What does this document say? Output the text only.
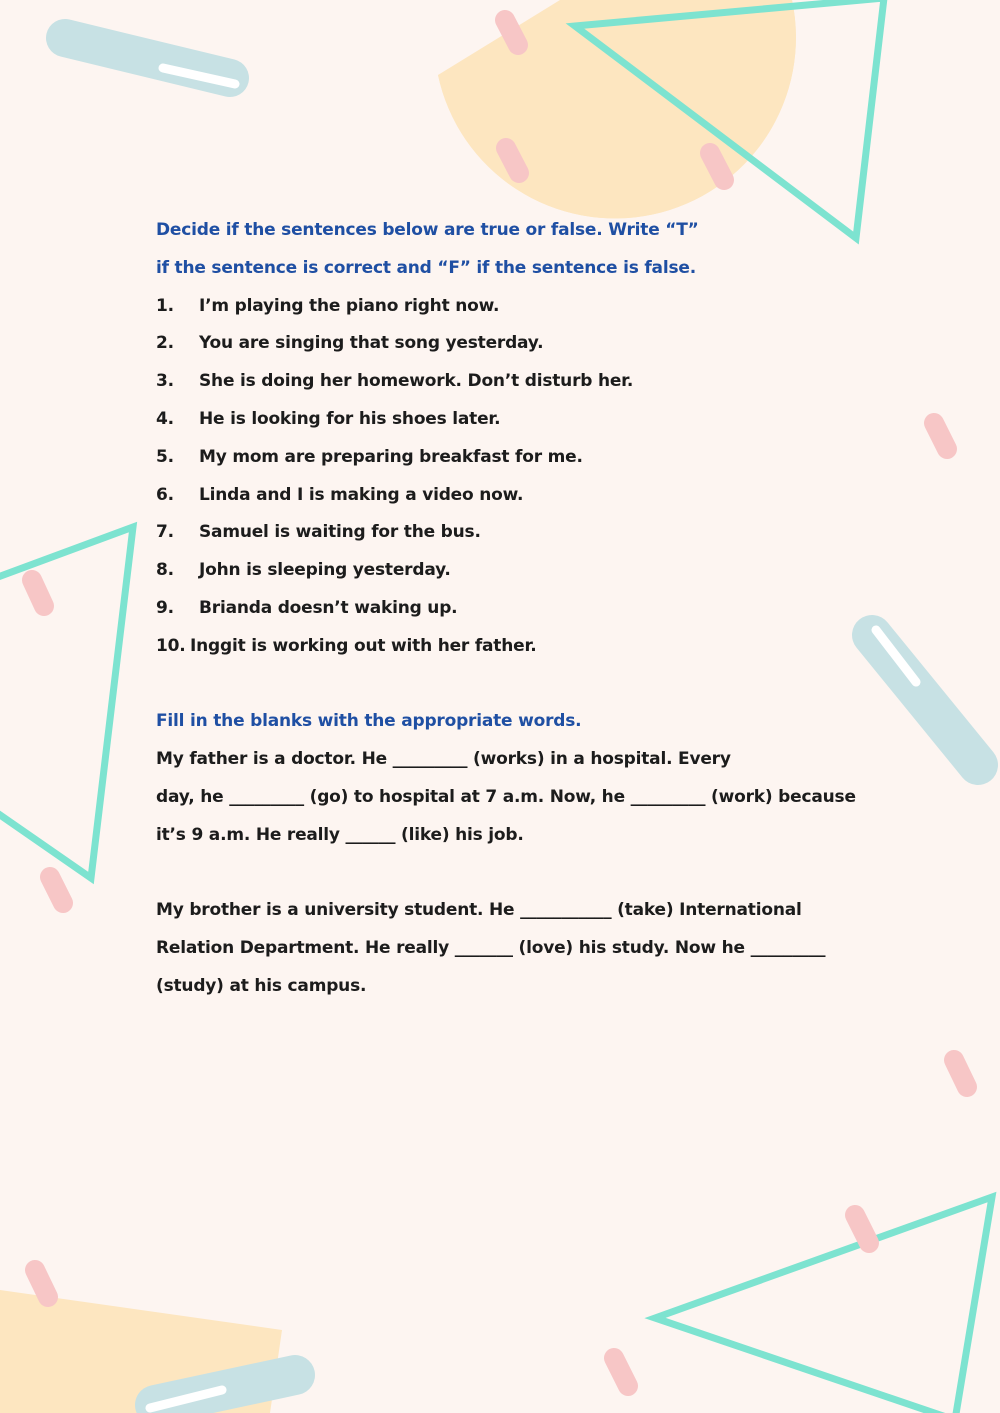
Decide if the sentences below are true or false. Write “T”
if the sentence is correct and “F” if the sentence is false.
1.	I’m playing the piano right now.
2.	You are singing that song yesterday.
3.	She is doing her homework. Don’t disturb her.
4.	He is looking for his shoes later.
5.	My mom are preparing breakfast for me.
6.	Linda and I is making a video now.
7.	Samuel is waiting for the bus.
8.	John is sleeping yesterday.
9.	Brianda doesn’t waking up.
10. Inggit is working out with her father.
Fill in the blanks with the appropriate words.
My father is a doctor. He _________ (works) in a hospital. Every
day, he _________ (go) to hospital at 7 a.m. Now, he _________ (work) because
it’s 9 a.m. He really ______ (like) his job.
My brother is a university student. He ___________ (take) International
Relation Department. He really _______ (love) his study. Now he _________
(study) at his campus.
